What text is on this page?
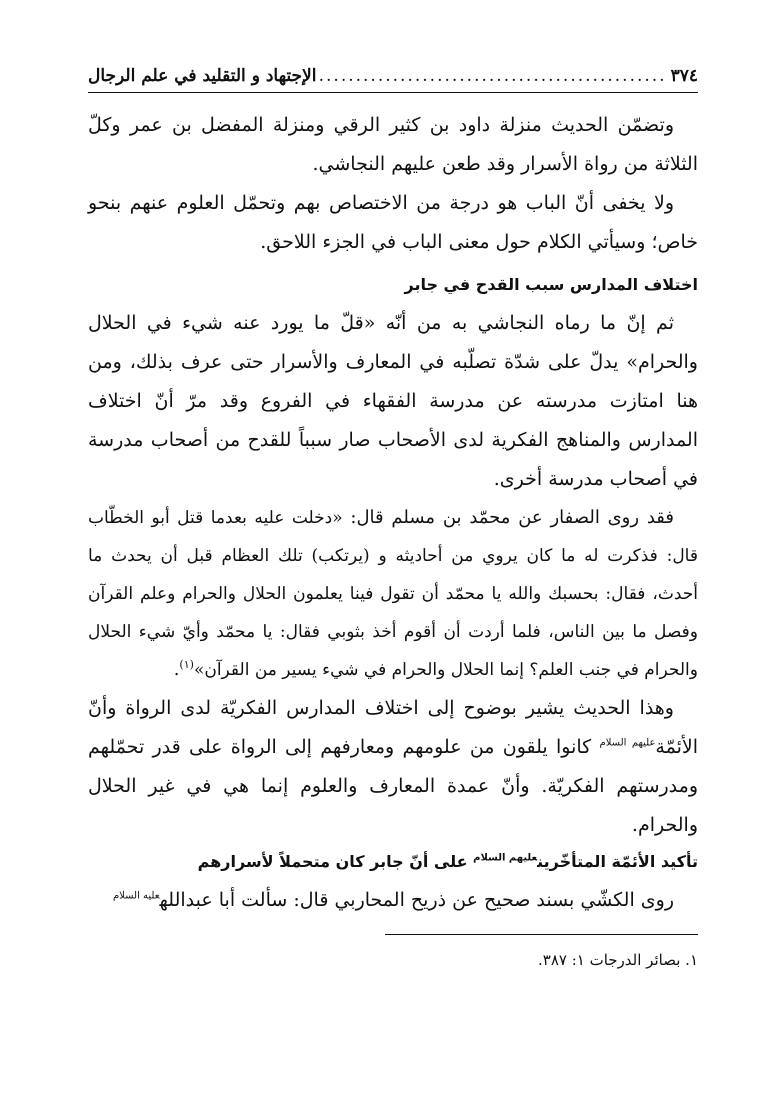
٣٧٤
.....
الإجتهاد و التقليد في علم الرجال

وتضمّن الحديث منزلة داود بن كثير الرقي ومنزلة المفضل بن عمر وكلّ الثلاثة من رواة الأسرار وقد طعن عليهم النجاشي.

ولا يخفى أنّ الباب هو درجة من الاختصاص بهم وتحمّل العلوم عنهم بنحو خاص؛ وسيأتي الكلام حول معنى الباب في الجزء اللاحق.

اختلاف المدارس سبب القدح في جابر

ثم إنّ ما رماه النجاشي به من أنّه «قلّ ما يورد عنه شيء في الحلال والحرام» يدلّ على شدّة تصلّبه في المعارف والأسرار حتى عرف بذلك، ومن هنا امتازت مدرسته عن مدرسة الفقهاء في الفروع وقد مرّ أنّ اختلاف المدارس والمناهج الفكرية لدى الأصحاب صار سبباً للقدح من أصحاب مدرسة في أصحاب مدرسة أخرى.

فقد روى الصفار عن محمّد بن مسلم قال: «دخلت عليه بعدما قتل أبو الخطّاب قال: فذكرت له ما كان يروي من أحاديثه و (يرتكب) تلك العظام قبل أن يحدث ما أحدث، فقال: بحسبك والله يا محمّد أن تقول فينا يعلمون الحلال والحرام وعلم القرآن وفصل ما بين الناس، فلما أردت أن أقوم أخذ بثوبي فقال: يا محمّد وأيّ شيء الحلال والحرام في جنب العلم؟ إنما الحلال والحرام في شيء يسير من القرآن»$^{(١)}$.

وهذا الحديث يشير بوضوح إلى اختلاف المدارس الفكريّة لدى الرواة وأنّ الأئمّة$^{عليهم السلام}$ كانوا يلقون من علومهم ومعارفهم إلى الرواة على قدر تحمّلهم ومدرستهم الفكريّة. وأنّ عمدة المعارف والعلوم إنما هي في غير الحلال والحرام.

تأكيد الأئمّة المتأخّرين$^{عليهم السلام}$ على أنّ جابر كان متحملاً لأسرارهم

روى الكشّي بسند صحيح عن ذريح المحاربي قال: سألت أبا عبدالله$^{عليه السلام}$

١. بصائر الدرجات ١: ٣٨٧.
